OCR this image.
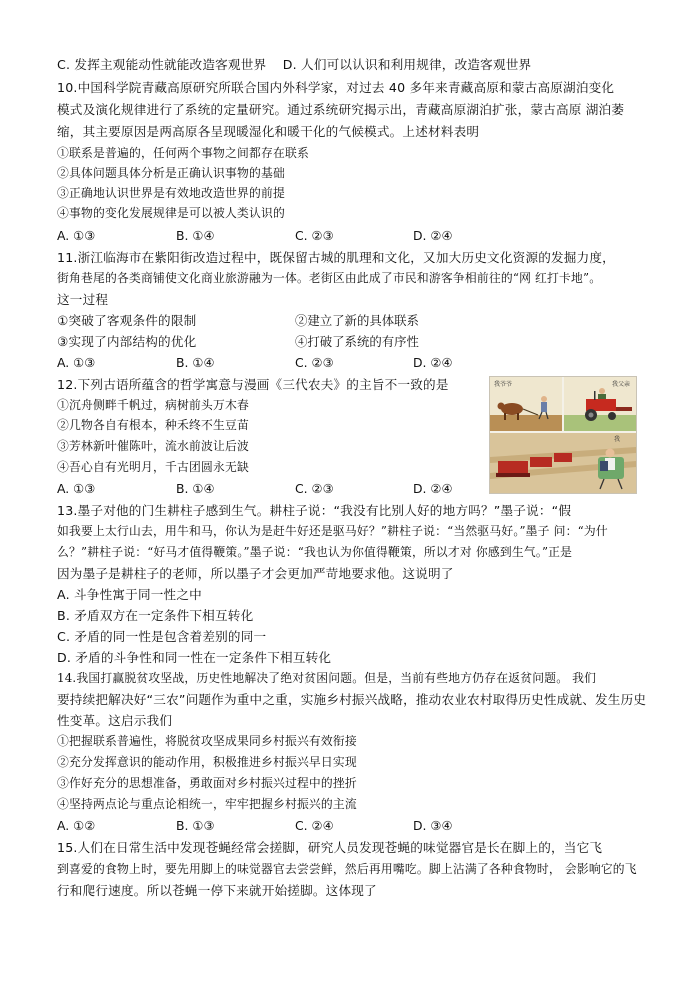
C. 发挥主观能动性就能改造客观世界 D. 人们可以认识和利用规律，改造客观世界
10.中国科学院青藏高原研究所联合国内外科学家，对过去 40 多年来青藏高原和蒙古高原湖泊变化
模式及演化规律进行了系统的定量研究。通过系统研究揭示出，青藏高原湖泊扩张，蒙古高原 湖泊萎
缩，其主要原因是两高原各呈现暖湿化和暖干化的气候模式。上述材料表明
①联系是普遍的，任何两个事物之间都存在联系
②具体问题具体分析是正确认识事物的基础
③正确地认识世界是有效地改造世界的前提
④事物的变化发展规律是可以被人类认识的
A. ①③	B. ①④	C. ②③	D. ②④
11.浙江临海市在紫阳街改造过程中，既保留古城的肌理和文化，又加大历史文化资源的发掘力度，
街角巷尾的各类商铺使文化商业旅游融为一体。老街区由此成了市民和游客争相前往的“网 红打卡地”。
这一过程
①突破了客观条件的限制	②建立了新的具体联系
③实现了内部结构的优化	④打破了系统的有序性
A. ①③	B. ①④	C. ②③	D. ②④
12.下列古语所蕴含的哲学寓意与漫画《三代农夫》的主旨不一致的是
①沉舟侧畔千帆过，病树前头万木春
②几物各自有根本，种禾终不生豆苗
③芳林新叶催陈叶，流水前波让后波
④吾心自有光明月，千古团圆永无缺
A. ①③	B. ①④	C. ②③	D. ②④
我爷爷	我父亲
我
13.墨子对他的门生耕柱子感到生气。耕柱子说：“我没有比别人好的地方吗？”墨子说：“假
如我要上太行山去，用牛和马，你认为是赶牛好还是驱马好？”耕柱子说：“当然驱马好。”墨子 问：“为什
么？”耕柱子说：“好马才值得鞭策。”墨子说：“我也认为你值得鞭策，所以才对 你感到生气。”正是
因为墨子是耕柱子的老师，所以墨子才会更加严苛地要求他。这说明了
A. 斗争性寓于同一性之中
B. 矛盾双方在一定条件下相互转化
C. 矛盾的同一性是包含着差别的同一
D. 矛盾的斗争性和同一性在一定条件下相互转化
14.我国打赢脱贫攻坚战，历史性地解决了绝对贫困问题。但是，当前有些地方仍存在返贫问题。 我们
要持续把解决好“三农”问题作为重中之重，实施乡村振兴战略，推动农业农村取得历史性成就、发生历史
性变革。这启示我们
①把握联系普遍性，将脱贫攻坚成果同乡村振兴有效衔接
②充分发挥意识的能动作用，积极推进乡村振兴早日实现
③作好充分的思想准备，勇敢面对乡村振兴过程中的挫折
④坚持两点论与重点论相统一，牢牢把握乡村振兴的主流
A. ①②	B. ①③	C. ②④	D. ③④
15.人们在日常生活中发现苍蝇经常会搓脚，研究人员发现苍蝇的味觉器官是长在脚上的，当它飞
到喜爱的食物上时，要先用脚上的味觉器官去尝尝鲜，然后再用嘴吃。脚上沾满了各种食物时， 会影响它的飞
行和爬行速度。所以苍蝇一停下来就开始搓脚。这体现了
